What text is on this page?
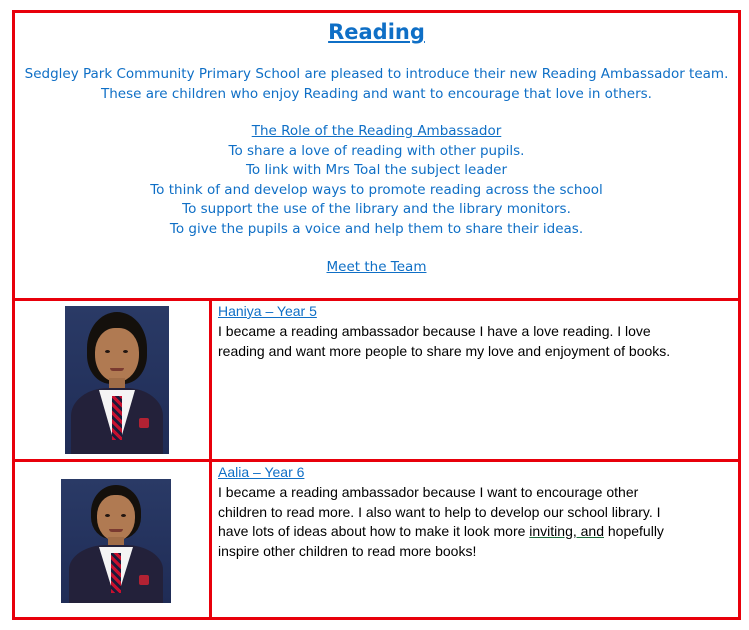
Reading
Sedgley Park Community Primary School are pleased to introduce their new Reading Ambassador team.
These are children who enjoy Reading and want to encourage that love in others.
The Role of the Reading Ambassador
To share a love of reading with other pupils.
To link with Mrs Toal the subject leader
To think of and develop ways to promote reading across the school
To support the use of the library and the library monitors.
To give the pupils a voice and help them to share their ideas.
Meet the Team
Haniya – Year 5
I became a reading ambassador because I have a love reading. I love
reading and want more people to share my love and enjoyment of books.
Aalia – Year 6
I became a reading ambassador because I want to encourage other
children to read more. I also want to help to develop our school library. I
have lots of ideas about how to make it look more inviting, and hopefully
inspire other children to read more books!
